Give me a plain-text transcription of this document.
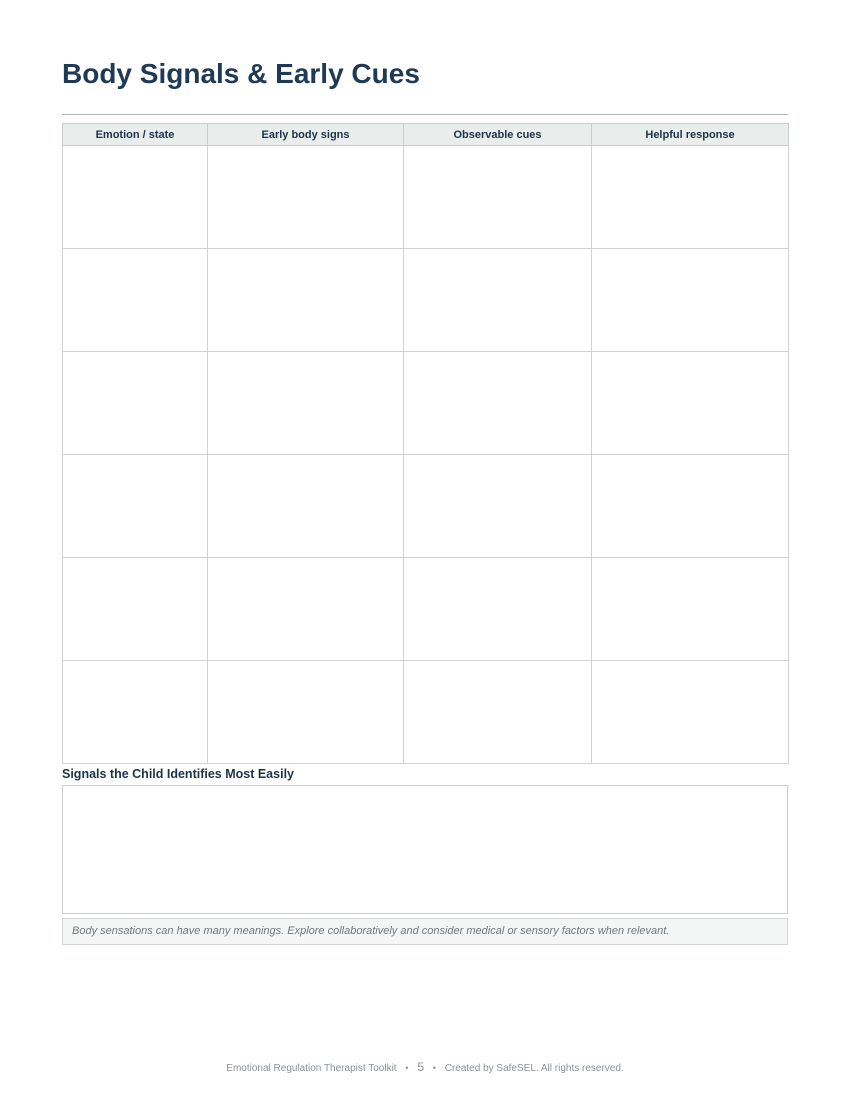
Body Signals & Early Cues
Emotion / state	Early body signs	Observable cues	Helpful response

Signals the Child Identifies Most Easily
Body sensations can have many meanings. Explore collaboratively and consider medical or sensory factors when relevant.
Emotional Regulation Therapist Toolkit • 5 • Created by SafeSEL. All rights reserved.
